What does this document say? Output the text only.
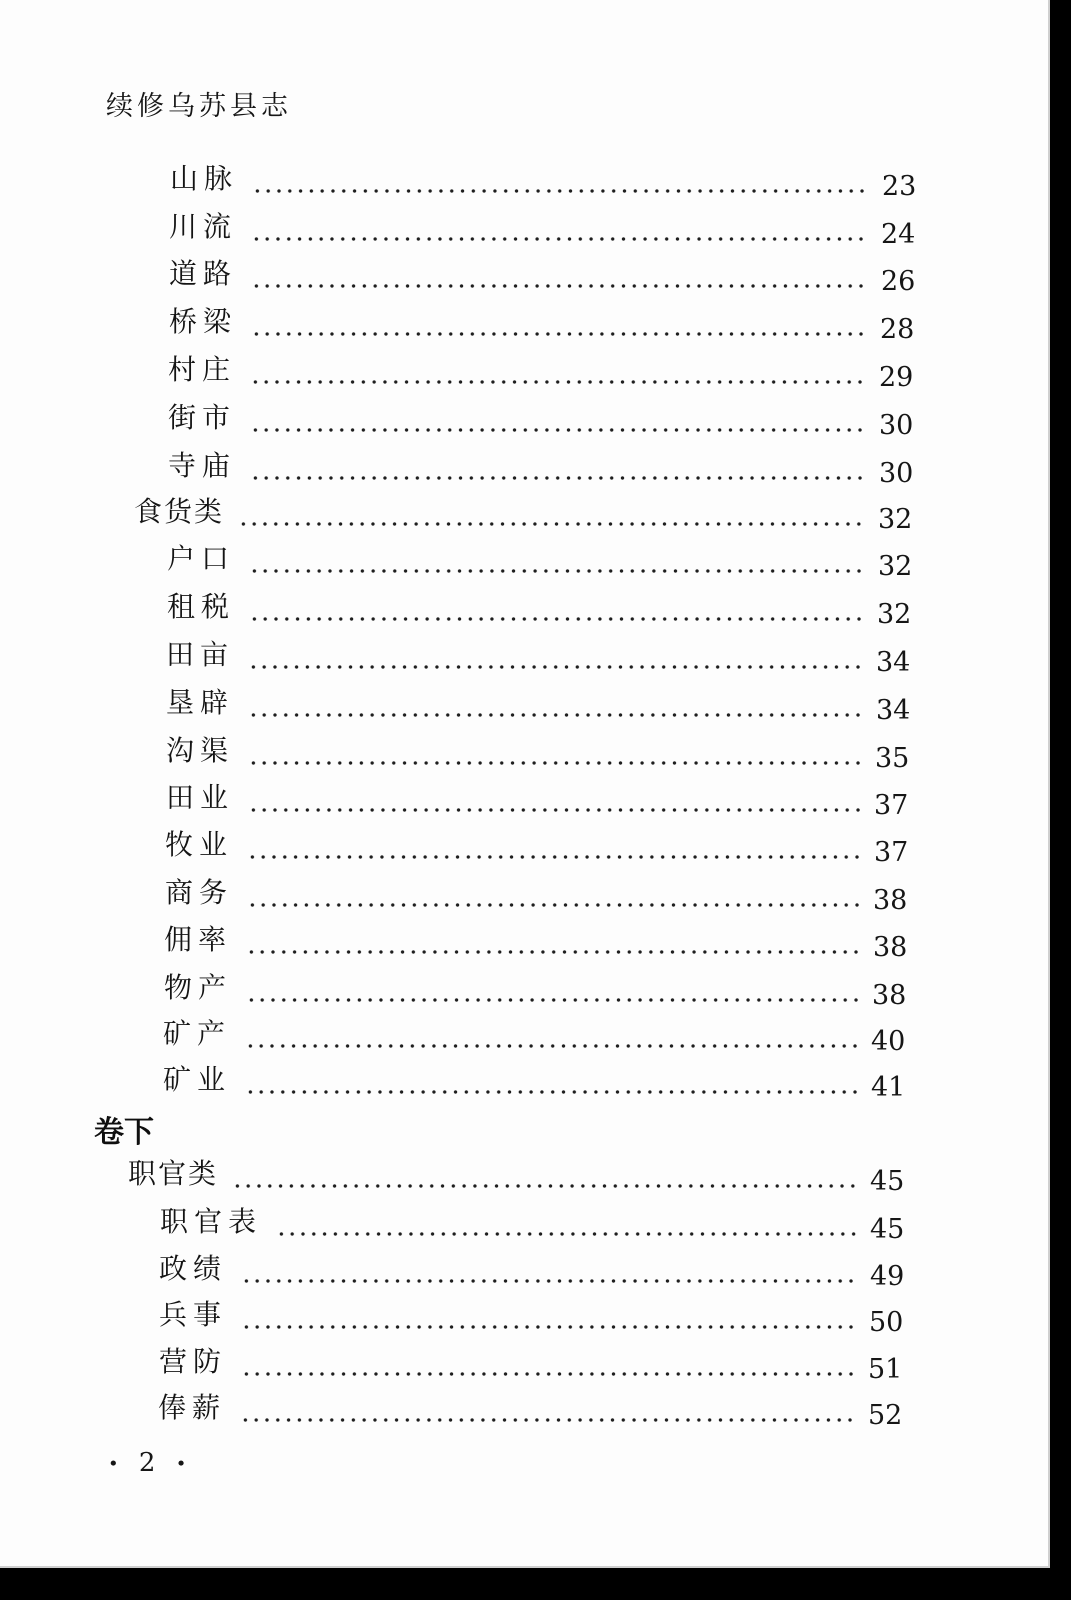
续修乌苏县志
山脉	23
川流	24
道路	26
桥梁	28
村庄	29
街市	30
寺庙	30
食货类	32
户口	32
租税	32
田亩	34
垦辟	34
沟渠	35
田业	37
牧业	37
商务	38
佣率	38
物产	38
矿产	40
矿业	41
卷下
职官类	45
职官表	45
政绩	49
兵事	50
营防	51
俸薪	52
• 2 •
